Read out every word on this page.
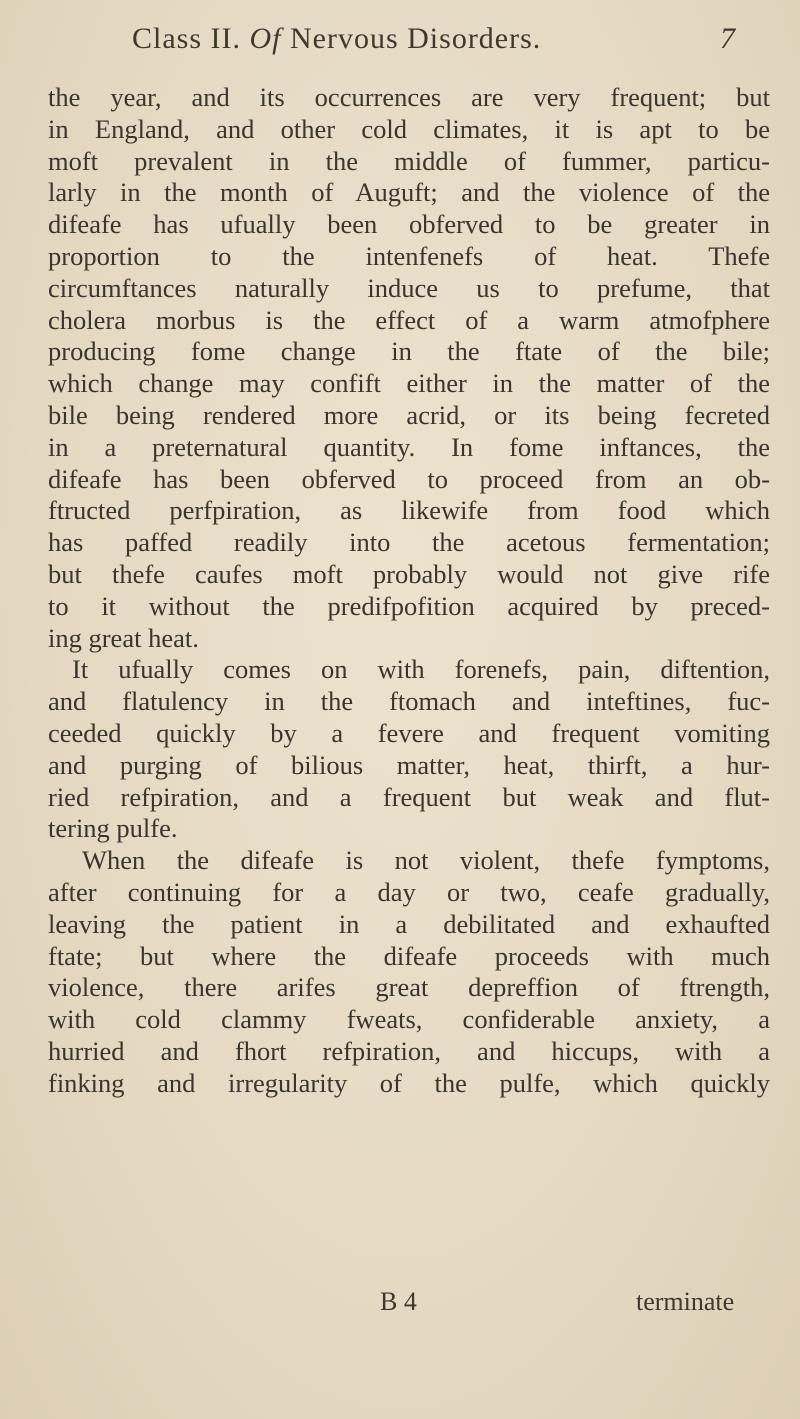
Class II. Of Nervous Disorders.	7
the year, and its occurrences are very frequent; but
in England, and other cold climates, it is apt to be
moft prevalent in the middle of fummer, particu-
larly in the month of Auguft; and the violence of the
difeafe has ufually been obferved to be greater in
proportion to the intenfenefs of heat. Thefe
circumftances naturally induce us to prefume, that
cholera morbus is the effect of a warm atmofphere
producing fome change in the ftate of the bile;
which change may confift either in the matter of the
bile being rendered more acrid, or its being fecreted
in a preternatural quantity. In fome inftances, the
difeafe has been obferved to proceed from an ob-
ftructed perfpiration, as likewife from food which
has paffed readily into the acetous fermentation;
but thefe caufes moft probably would not give rife
to it without the predifpofition acquired by preced-
ing great heat.
It ufually comes on with forenefs, pain, diftention,
and flatulency in the ftomach and inteftines, fuc-
ceeded quickly by a fevere and frequent vomiting
and purging of bilious matter, heat, thirft, a hur-
ried refpiration, and a frequent but weak and flut-
tering pulfe.
When the difeafe is not violent, thefe fymptoms,
after continuing for a day or two, ceafe gradually,
leaving the patient in a debilitated and exhaufted
ftate; but where the difeafe proceeds with much
violence, there arifes great depreffion of ftrength,
with cold clammy fweats, confiderable anxiety, a
hurried and fhort refpiration, and hiccups, with a
finking and irregularity of the pulfe, which quickly
B 4	terminate
